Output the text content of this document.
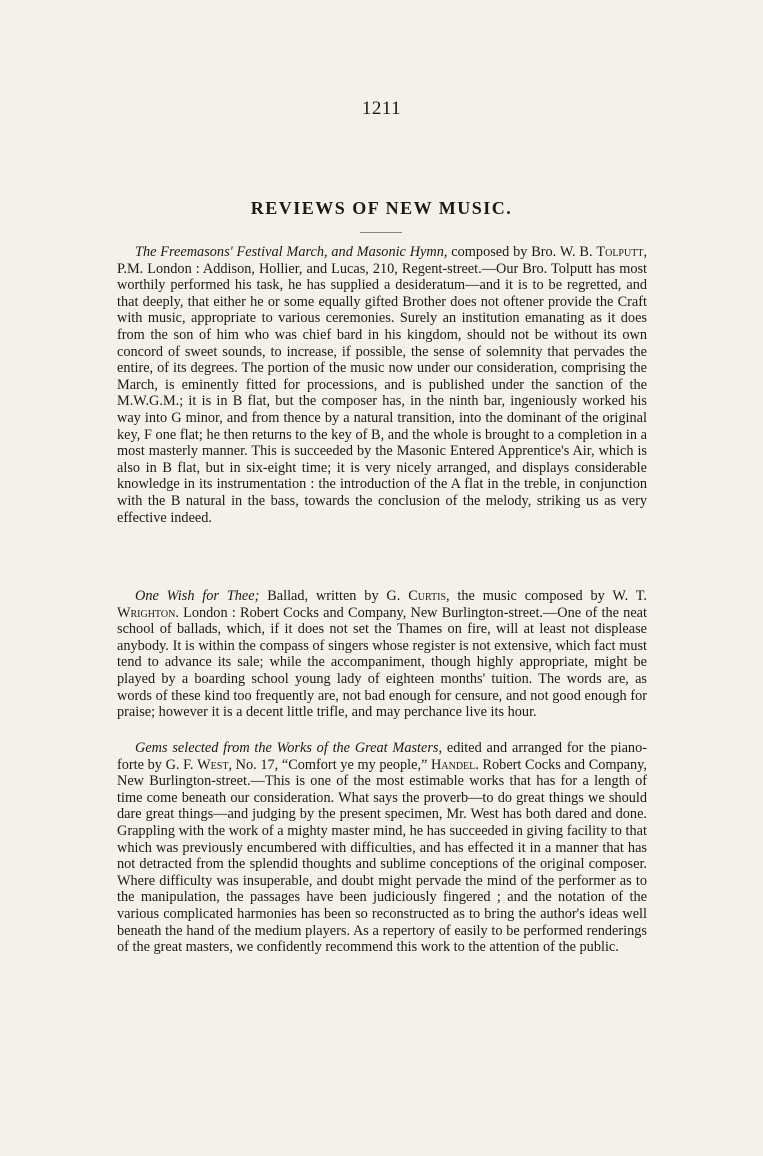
1211
REVIEWS OF NEW MUSIC.

The Freemasons' Festival March, and Masonic Hymn, composed by Bro. W. B. Tolputt, P.M. London : Addison, Hollier, and Lucas, 210, Regent-street.—Our Bro. Tolputt has most worthily performed his task, he has supplied a desideratum—and it is to be regretted, and that deeply, that either he or some equally gifted Brother does not oftener provide the Craft with music, appropriate to various ceremonies. Surely an institution emanating as it does from the son of him who was chief bard in his kingdom, should not be without its own concord of sweet sounds, to increase, if possible, the sense of solemnity that pervades the entire, of its degrees. The portion of the music now under our consideration, comprising the March, is eminently fitted for processions, and is published under the sanction of the M.W.G.M.; it is in B flat, but the composer has, in the ninth bar, ingeniously worked his way into G minor, and from thence by a natural transition, into the dominant of the original key, F one flat; he then returns to the key of B, and the whole is brought to a completion in a most masterly manner. This is succeeded by the Masonic Entered Apprentice's Air, which is also in B flat, but in six-eight time; it is very nicely arranged, and displays considerable knowledge in its instrumentation : the introduction of the A flat in the treble, in conjunction with the B natural in the bass, towards the conclusion of the melody, striking us as very effective indeed.

One Wish for Thee; Ballad, written by G. Curtis, the music composed by W. T. Wrighton. London : Robert Cocks and Company, New Burlington-street.—One of the neat school of ballads, which, if it does not set the Thames on fire, will at least not displease anybody. It is within the compass of singers whose register is not extensive, which fact must tend to advance its sale; while the accompaniment, though highly appropriate, might be played by a boarding school young lady of eighteen months' tuition. The words are, as words of these kind too frequently are, not bad enough for censure, and not good enough for praise; however it is a decent little trifle, and may perchance live its hour.

Gems selected from the Works of the Great Masters, edited and arranged for the piano-forte by G. F. West, No. 17, “Comfort ye my people,” Handel. Robert Cocks and Company, New Burlington-street.—This is one of the most estimable works that has for a length of time come beneath our consideration. What says the proverb—to do great things we should dare great things—and judging by the present specimen, Mr. West has both dared and done. Grappling with the work of a mighty master mind, he has succeeded in giving facility to that which was previously encumbered with difficulties, and has effected it in a manner that has not detracted from the splendid thoughts and sublime conceptions of the original composer. Where difficulty was insuperable, and doubt might pervade the mind of the performer as to the manipulation, the passages have been judiciously fingered ; and the notation of the various complicated harmonies has been so reconstructed as to bring the author's ideas well beneath the hand of the medium players. As a repertory of easily to be performed renderings of the great masters, we confidently recommend this work to the attention of the public.
